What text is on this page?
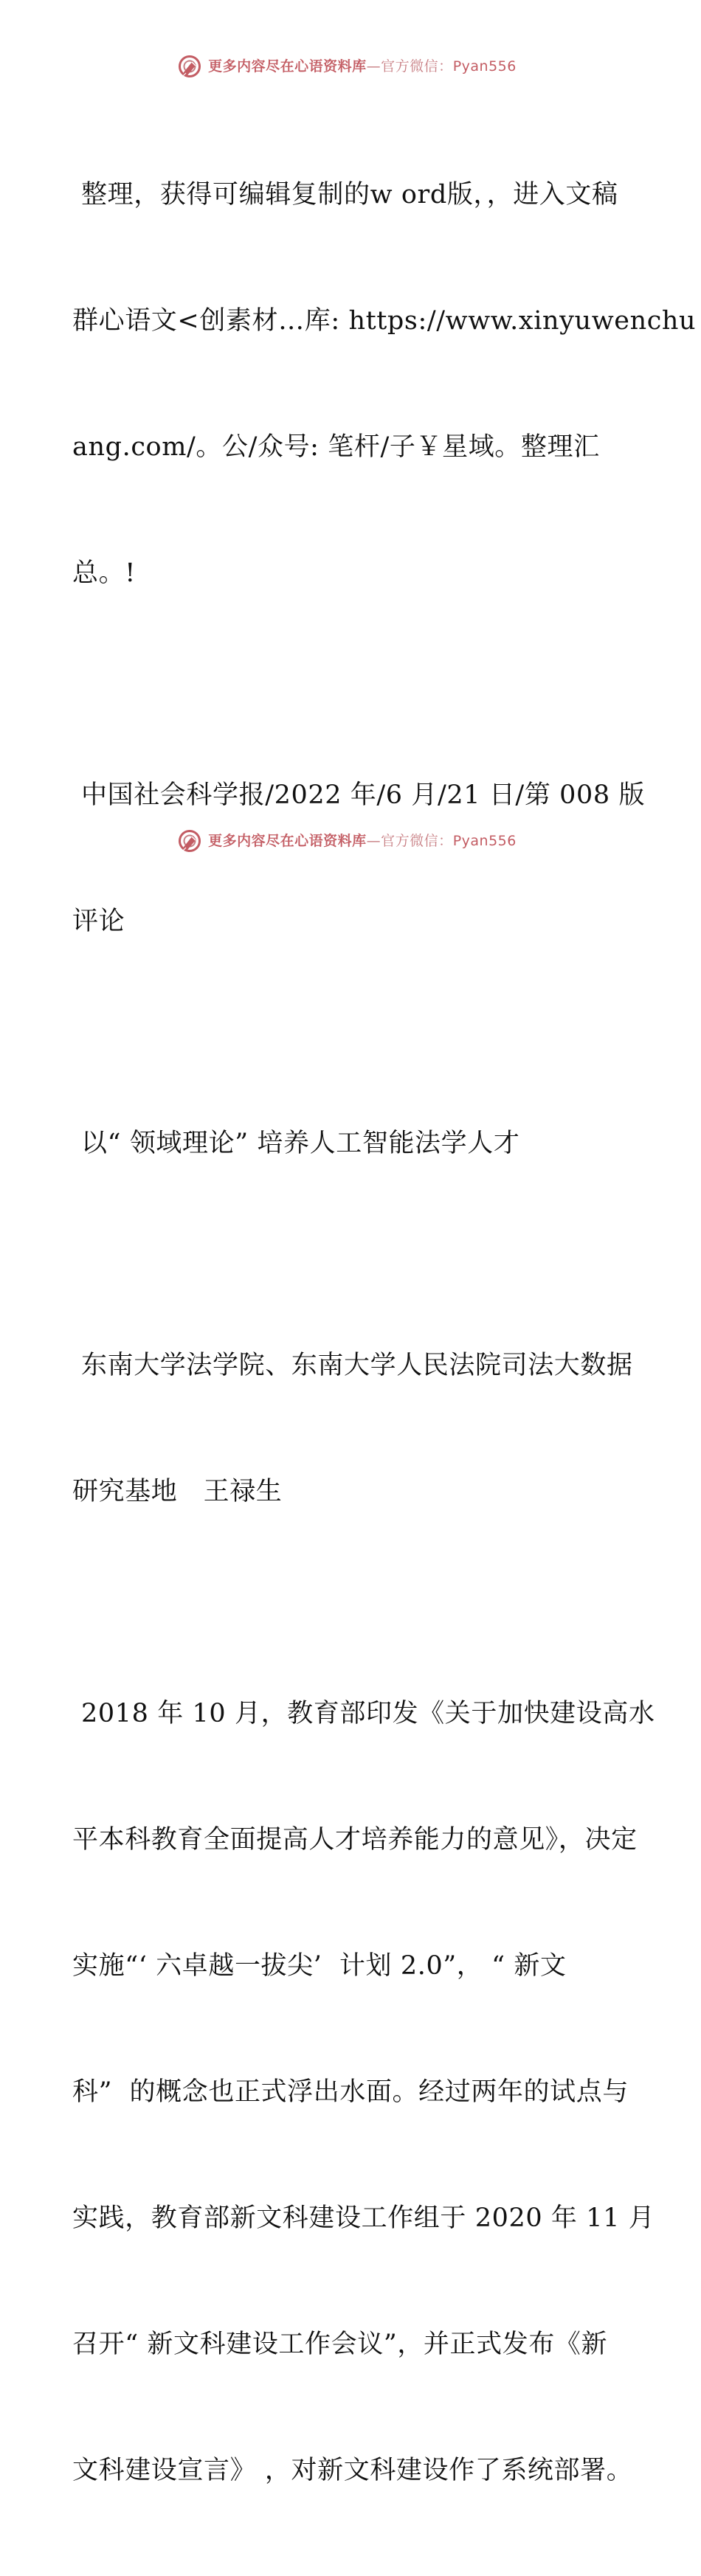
更多内容尽在心语资料库—官方微信：Pyan556

整理，获得可编辑复制的w ord版，，进入文稿

群心语文<创素材…库: https://www.xinyuwenchu

ang.com/。公/众号: 笔杆/子￥星域。整理汇

总。!

中国社会科学报/2022 年/6 月/21 日/第 008 版

评论

以“ 领域理论” 培养人工智能法学人才

东南大学法学院、东南大学人民法院司法大数据

研究基地   王禄生

2018 年 10 月，教育部印发《关于加快建设高水

平本科教育全面提高人才培养能力的意见》，决定

实施“‘ 六卓越一拔尖’  计划 2.0”， “ 新文

科”  的概念也正式浮出水面。经过两年的试点与

实践，教育部新文科建设工作组于 2020 年 11 月

召开“ 新文科建设工作会议”，并正式发布《新

文科建设宣言》 ，对新文科建设作了系统部署。

更多内容尽在心语资料库—官方微信：Pyan556
